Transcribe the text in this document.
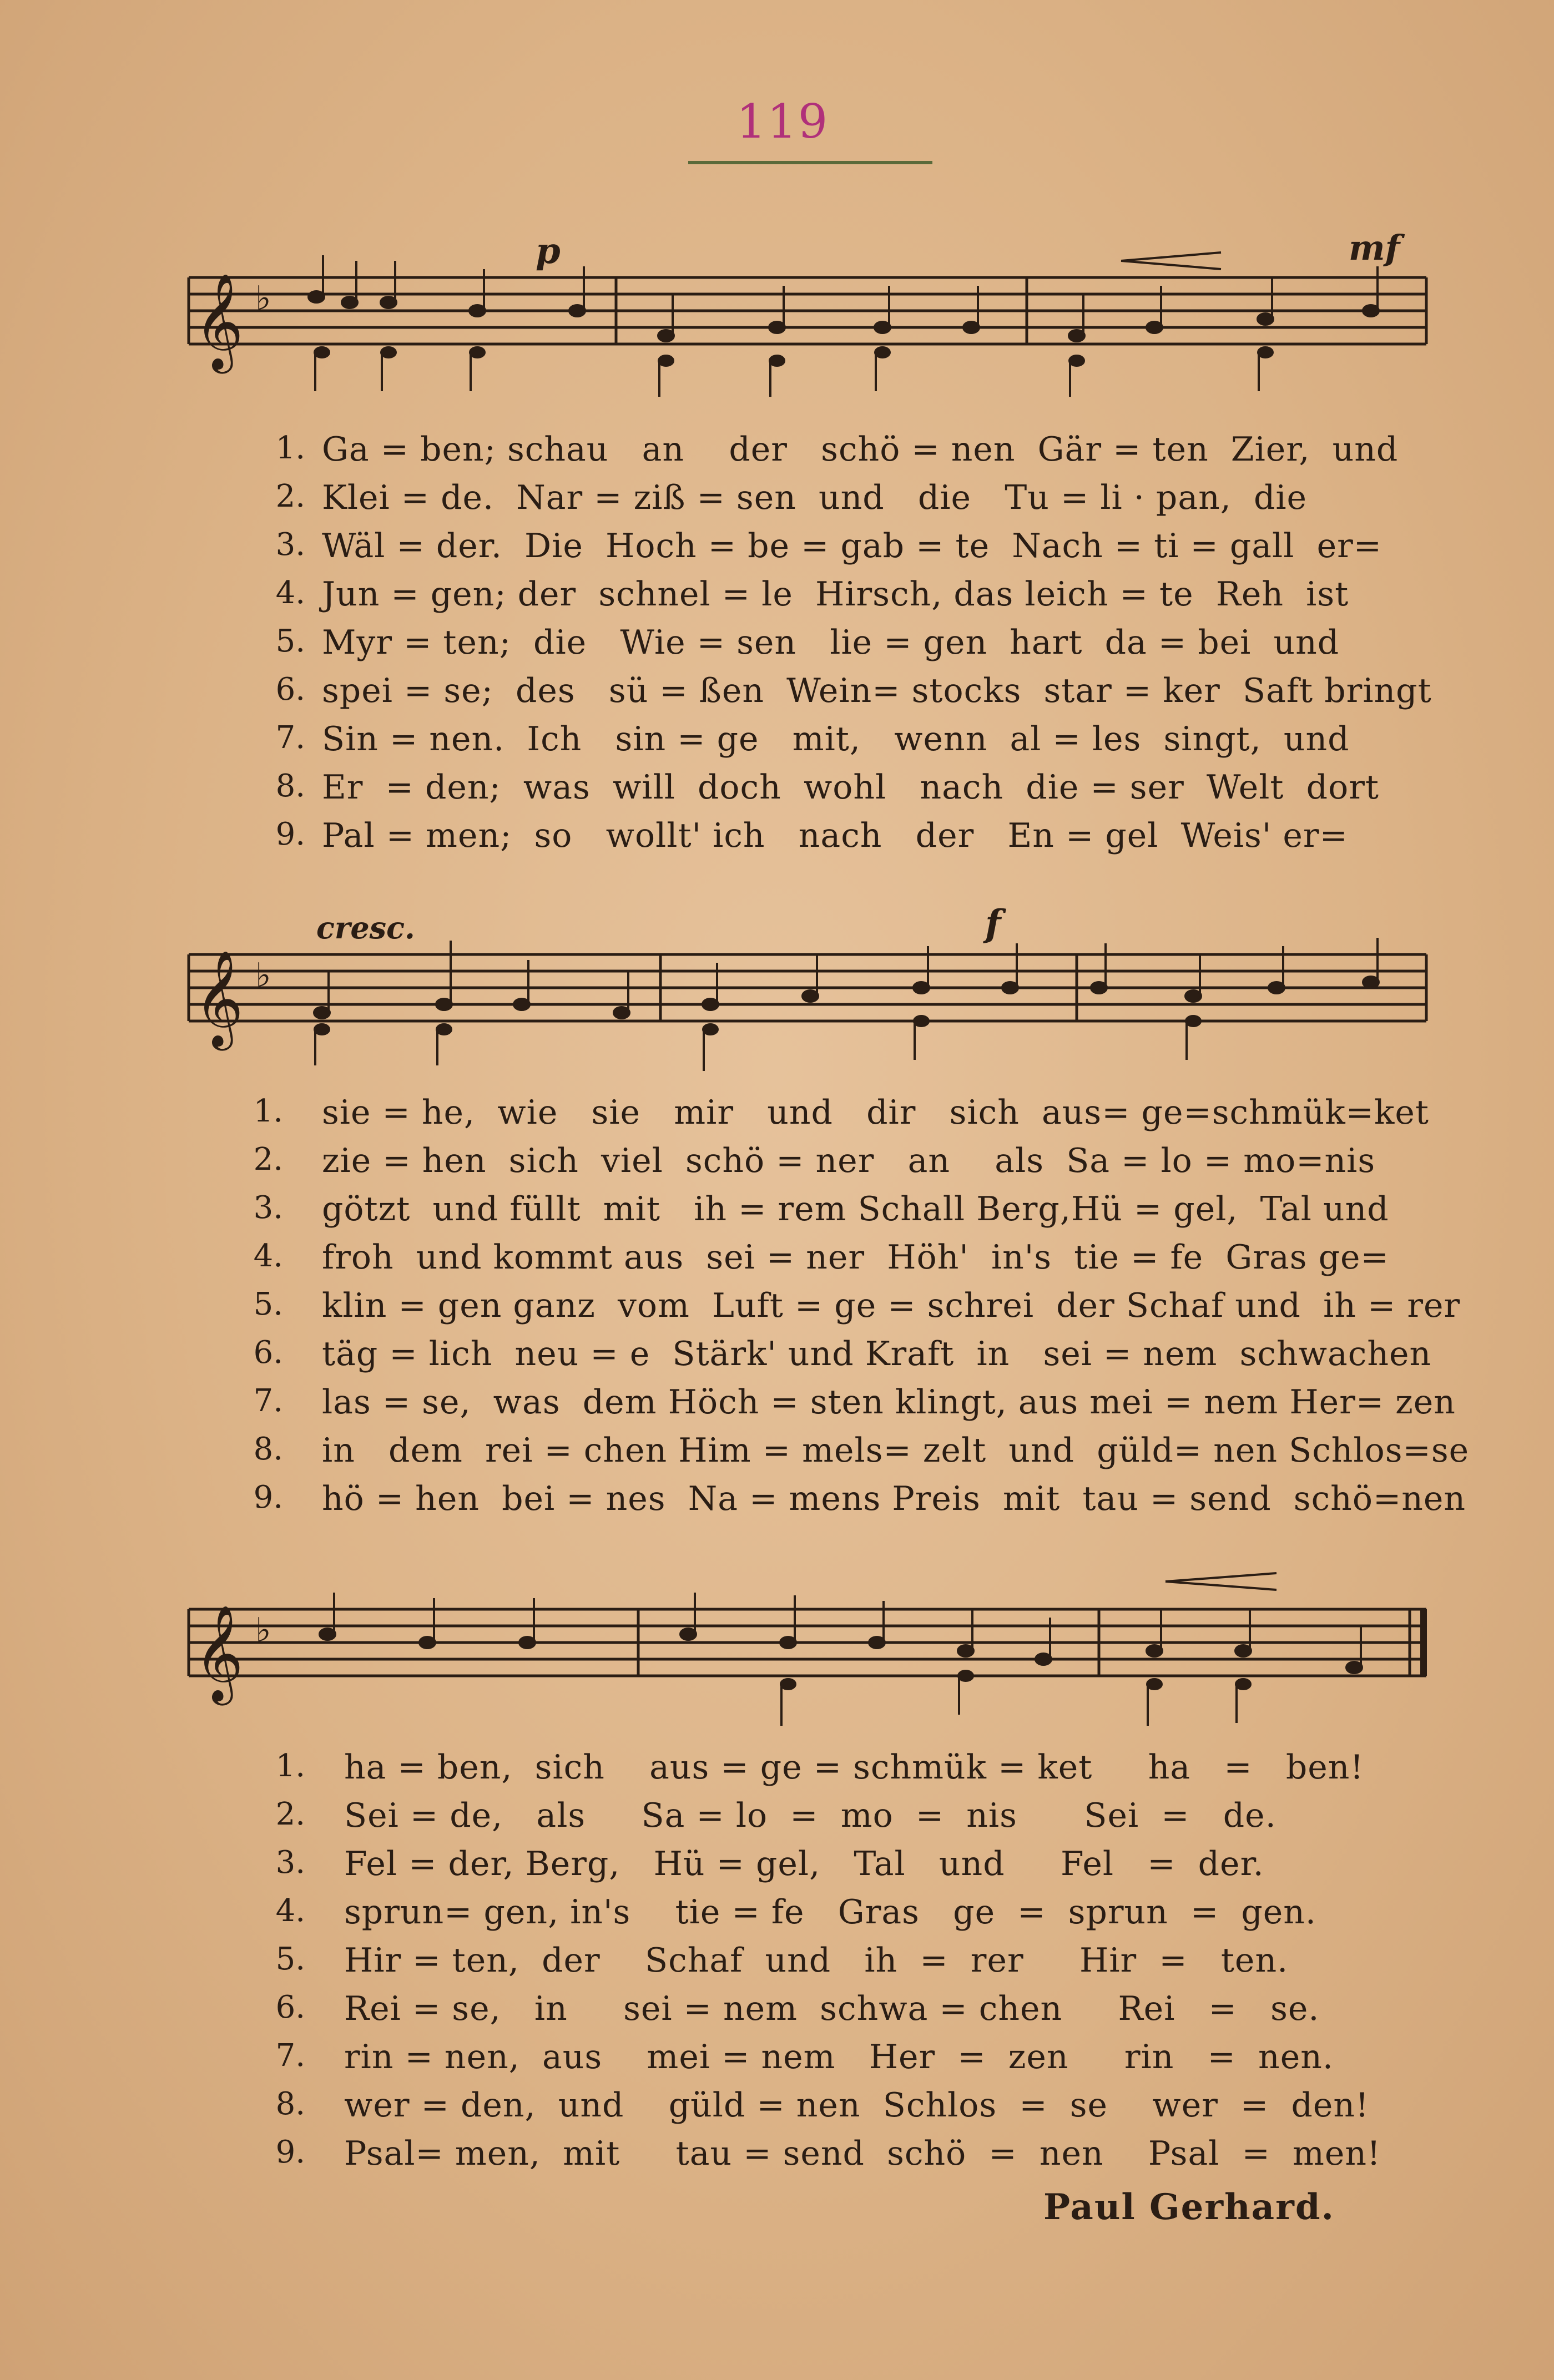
119
𝄞 ♭
p	mf
1. Ga = ben; schau   an    der   schö = nen  Gär = ten  Zier,  und
2. Klei = de.  Nar = ziß = sen  und   die   Tu = li · pan,  die
3. Wäl = der.  Die  Hoch = be = gab = te  Nach = ti = gall  er=
4. Jun = gen; der  schnel = le  Hirsch, das leich = te  Reh  ist
5. Myr = ten;  die   Wie = sen   lie = gen  hart  da = bei  und
6. spei = se;  des   sü = ßen  Wein= stocks  star = ker  Saft bringt
7. Sin = nen.  Ich   sin = ge   mit,   wenn  al = les  singt,  und
8. Er  = den;  was  will  doch  wohl   nach  die = ser  Welt  dort
9. Pal = men;  so   wollt' ich   nach   der   En = gel  Weis' er=
𝄞 ♭
cresc.	f
1. sie = he,  wie   sie   mir   und   dir   sich  aus= ge=schmük=ket
2. zie = hen  sich  viel  schö = ner   an    als  Sa = lo = mo=nis
3. götzt  und füllt  mit   ih = rem Schall Berg,Hü = gel,  Tal und
4. froh  und kommt aus  sei = ner  Höh'  in's  tie = fe  Gras ge=
5. klin = gen ganz  vom  Luft = ge = schrei  der Schaf und  ih = rer
6. täg = lich  neu = e  Stärk' und Kraft  in   sei = nem  schwachen
7. las = se,  was  dem Höch = sten klingt, aus mei = nem Her= zen
8. in   dem  rei = chen Him = mels= zelt  und  güld= nen Schlos=se
9. hö = hen  bei = nes  Na = mens Preis  mit  tau = send  schö=nen
𝄞 ♭
1. ha = ben,  sich    aus = ge = schmük = ket     ha   =   ben!
2. Sei = de,   als     Sa = lo  =  mo  =  nis      Sei  =   de.
3. Fel = der, Berg,   Hü = gel,   Tal   und     Fel   =  der.
4. sprun= gen, in's    tie = fe   Gras   ge  =  sprun  =  gen.
5. Hir = ten,  der    Schaf  und   ih  =  rer     Hir  =   ten.
6. Rei = se,   in     sei = nem  schwa = chen     Rei   =   se.
7. rin = nen,  aus    mei = nem   Her  =  zen     rin   =  nen.
8. wer = den,  und    güld = nen  Schlos  =  se    wer  =  den!
9. Psal= men,  mit     tau = send  schö  =  nen    Psal  =  men!
Paul Gerhard.
